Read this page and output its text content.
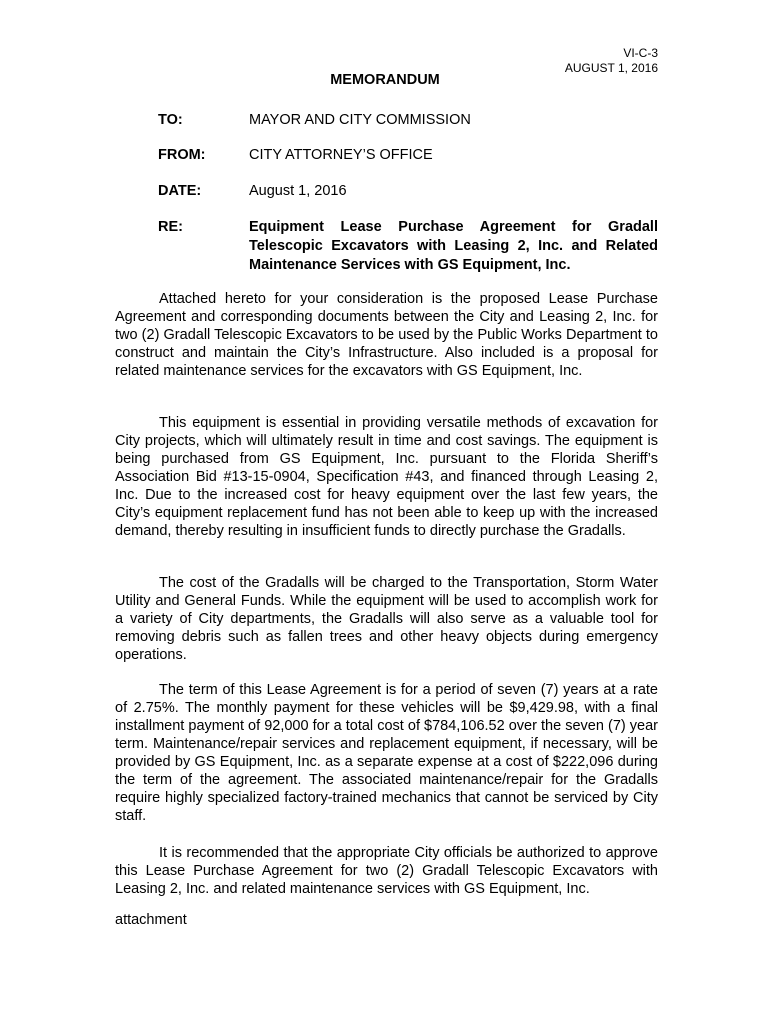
VI-C-3
AUGUST 1, 2016
MEMORANDUM
TO:	MAYOR AND CITY COMMISSION
FROM:	CITY ATTORNEY’S OFFICE
DATE:	August 1, 2016
RE:	Equipment Lease Purchase Agreement for Gradall Telescopic Excavators with Leasing 2, Inc. and Related Maintenance Services with GS Equipment, Inc.

Attached hereto for your consideration is the proposed Lease Purchase Agreement and corresponding documents between the City and Leasing 2, Inc. for two (2) Gradall Telescopic Excavators to be used by the Public Works Department to construct and maintain the City’s Infrastructure. Also included is a proposal for related maintenance services for the excavators with GS Equipment, Inc.

This equipment is essential in providing versatile methods of excavation for City projects, which will ultimately result in time and cost savings. The equipment is being purchased from GS Equipment, Inc. pursuant to the Florida Sheriff’s Association Bid #13-15-0904, Specification #43, and financed through Leasing 2, Inc. Due to the increased cost for heavy equipment over the last few years, the City’s equipment replacement fund has not been able to keep up with the increased demand, thereby resulting in insufficient funds to directly purchase the Gradalls.

The cost of the Gradalls will be charged to the Transportation, Storm Water Utility and General Funds. While the equipment will be used to accomplish work for a variety of City departments, the Gradalls will also serve as a valuable tool for removing debris such as fallen trees and other heavy objects during emergency operations.

The term of this Lease Agreement is for a period of seven (7) years at a rate of 2.75%. The monthly payment for these vehicles will be $9,429.98, with a final installment payment of 92,000 for a total cost of $784,106.52 over the seven (7) year term. Maintenance/repair services and replacement equipment, if necessary, will be provided by GS Equipment, Inc. as a separate expense at a cost of $222,096 during the term of the agreement. The associated maintenance/repair for the Gradalls require highly specialized factory-trained mechanics that cannot be serviced by City staff.

It is recommended that the appropriate City officials be authorized to approve this Lease Purchase Agreement for two (2) Gradall Telescopic Excavators with Leasing 2, Inc. and related maintenance services with GS Equipment, Inc.

attachment
